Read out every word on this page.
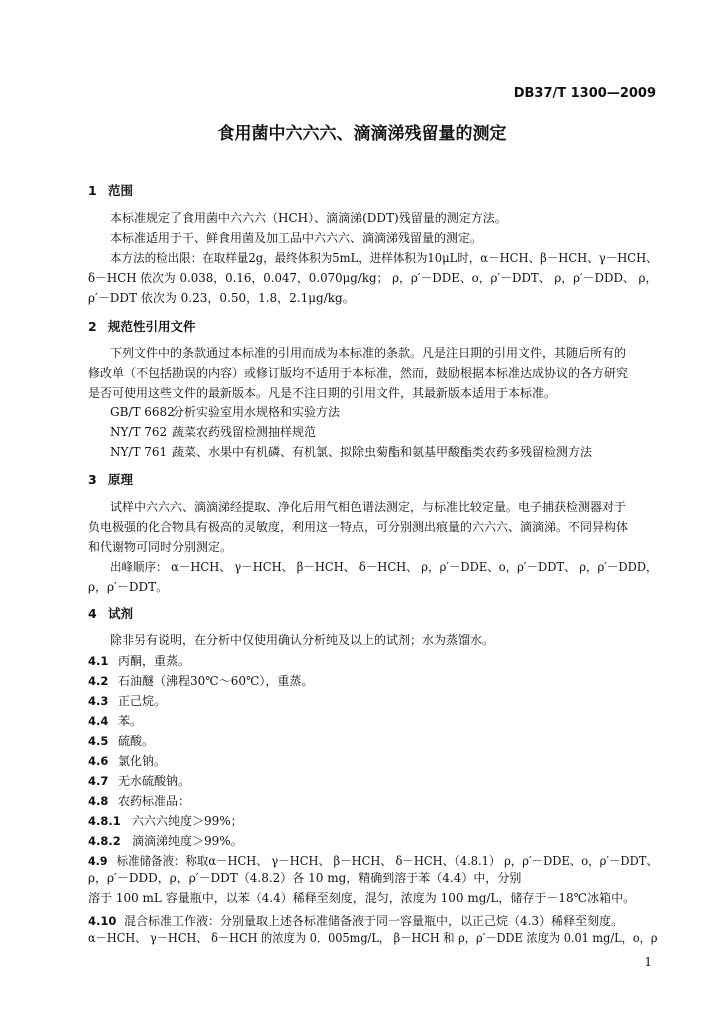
DB37/T 1300—2009
食用菌中六六六、滴滴涕残留量的测定
1 范围
本标准规定了食用菌中六六六（HCH）、滴滴涕(DDT)残留量的测定方法。
本标准适用于干、鲜食用菌及加工品中六六六、滴滴涕残留量的测定。
本方法的检出限：在取样量2g，最终体积为5mL，进样体积为10μL时，α－HCH、β－HCH、γ－HCH、
δ－HCH 依次为 0.038，0.16，0.047，0.070μg/kg； ρ，ρ′－DDE、o，ρ′－DDT、 ρ，ρ′－DDD、 ρ，
ρ′－DDT 依次为 0.23，0.50，1.8，2.1μg/kg。
2 规范性引用文件
下列文件中的条款通过本标准的引用而成为本标准的条款。凡是注日期的引用文件，其随后所有的
修改单（不包括勘误的内容）或修订版均不适用于本标准，然而，鼓励根据本标准达成协议的各方研究
是否可使用这些文件的最新版本。凡是不注日期的引用文件，其最新版本适用于本标准。
GB/T 6682分析实验室用水规格和实验方法
NY/T 762 蔬菜农药残留检测抽样规范
NY/T 761 蔬菜、水果中有机磷、有机氯、拟除虫菊酯和氨基甲酸酯类农药多残留检测方法
3 原理
试样中六六六、滴滴涕经提取、净化后用气相色谱法测定，与标准比较定量。电子捕获检测器对于
负电极强的化合物具有极高的灵敏度，利用这一特点，可分别测出痕量的六六六、滴滴涕。不同异构体
和代谢物可同时分别测定。
出峰顺序： α－HCH、 γ－HCH、 β－HCH、 δ－HCH、 ρ，ρ′－DDE、o，ρ′－DDT、 ρ，ρ′－DDD，
ρ，ρ′－DDT。
4 试剂
除非另有说明，在分析中仅使用确认分析纯及以上的试剂；水为蒸馏水。
4.1 丙酮，重蒸。
4.2 石油醚（沸程30℃～60℃），重蒸。
4.3 正己烷。
4.4 苯。
4.5 硫酸。
4.6 氯化钠。
4.7 无水硫酸钠。
4.8 农药标准品：
4.8.1 六六六纯度＞99%；
4.8.2 滴滴涕纯度＞99%。
4.9 标准储备液：称取α－HCH、 γ－HCH、 β－HCH、 δ－HCH、（4.8.1） ρ，ρ′－DDE、o，ρ′－DDT、
ρ，ρ′－DDD，ρ，ρ′－DDT（4.8.2）各 10 mg，精确到溶于苯（4.4）中，分别
溶于 100 mL 容量瓶中，以苯（4.4）稀释至刻度，混匀，浓度为 100 mg/L，储存于－18℃冰箱中。
4.10 混合标准工作液：分别量取上述各标准储备液于同一容量瓶中，以正己烷（4.3）稀释至刻度。
α－HCH、 γ－HCH、 δ－HCH 的浓度为 0．005mg/L， β－HCH 和 ρ，ρ′－DDE 浓度为 0.01 mg/L，o，ρ
1
